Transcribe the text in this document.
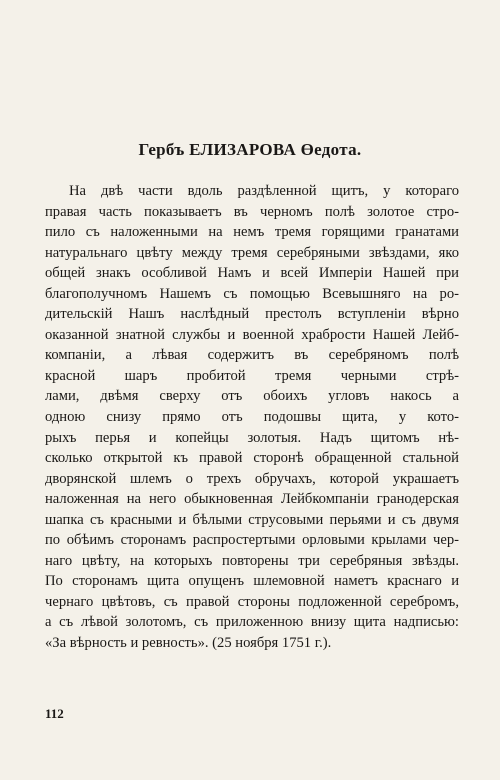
Гербъ ЕЛИЗАРОВА Өедота.
На двѣ части вдоль раздѣленной щитъ, у котораго
правая часть показываетъ въ черномъ полѣ золотое стро-
пило съ наложенными на немъ тремя горящими гранатами
натуральнаго цвѣту между тремя серебряными звѣздами, яко
общей знакъ особливой Намъ и всей Имперіи Нашей при
благополучномъ Нашемъ съ помощью Всевышняго на ро-
дительскій Нашъ наслѣдный престолъ вступленіи вѣрно
оказанной знатной службы и военной храбрости Нашей Лейб-
компаніи, а лѣвая содержитъ въ серебряномъ полѣ
красной шаръ пробитой тремя черными стрѣ-
лами, двѣмя сверху отъ обоихъ угловъ накось а
одною снизу прямо отъ подошвы щита, у кото-
рыхъ перья и копейцы золотыя. Надъ щитомъ нѣ-
сколько открытой къ правой сторонѣ обращенной стальной
дворянской шлемъ о трехъ обручахъ, которой украшаетъ
наложенная на него обыкновенная Лейбкомпаніи гранодерская
шапка съ красными и бѣлыми струсовыми перьями и съ двумя
по обѣимъ сторонамъ распростертыми орловыми крылами чер-
наго цвѣту, на которыхъ повторены три серебряныя звѣзды.
По сторонамъ щита опущенъ шлемовной наметъ краснаго и
чернаго цвѣтовъ, съ правой стороны подложенной серебромъ,
а съ лѣвой золотомъ, съ приложенною внизу щита надписью:
«За вѣрность и ревность». (25 ноября 1751 г.).
112
